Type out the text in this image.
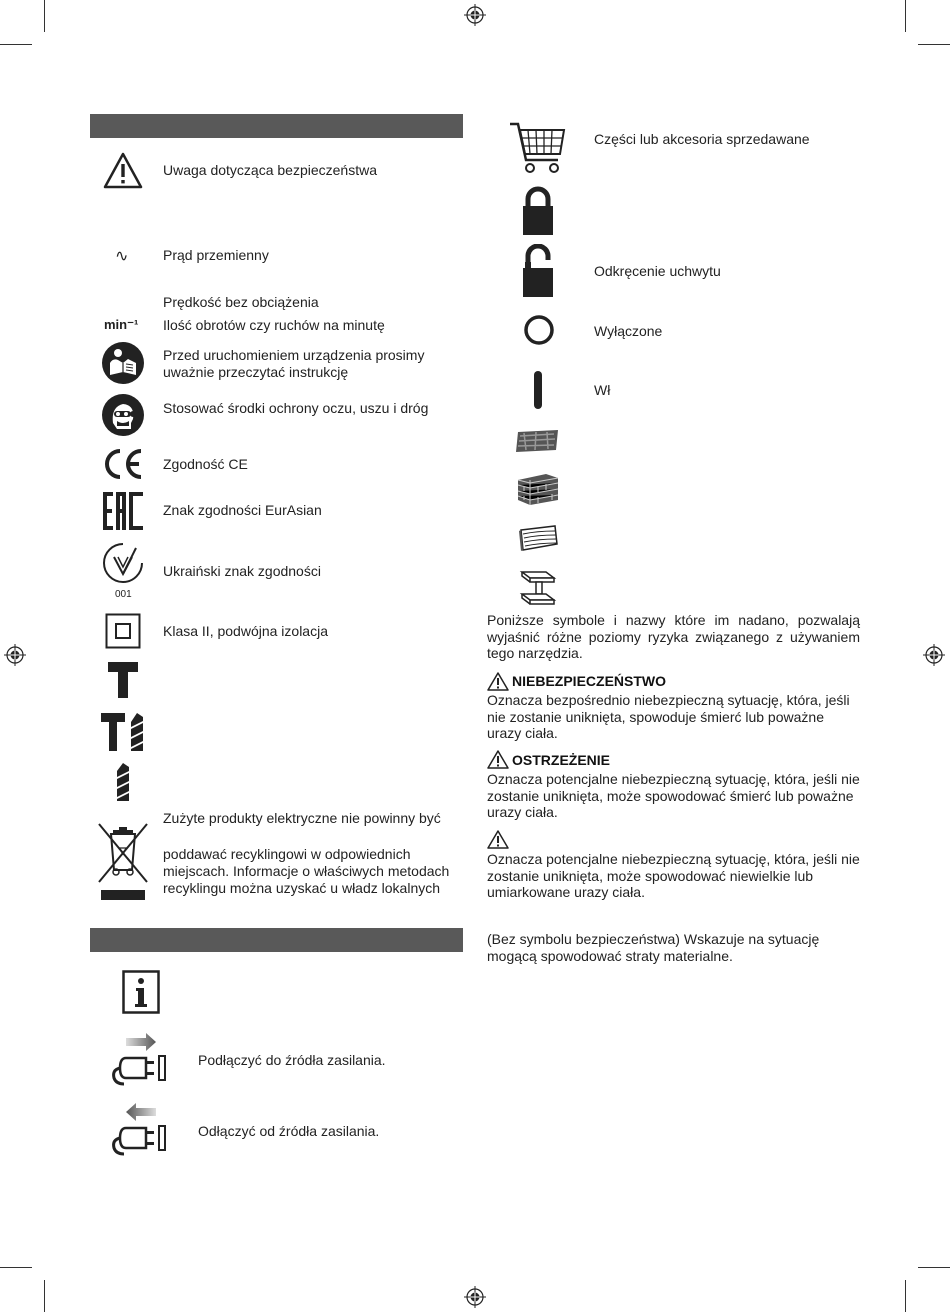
Uwaga dotycząca bezpieczeństwa
∿ Prąd przemienny
Prędkość bez obciążenia
min⁻¹ Ilość obrotów czy ruchów na minutę
Przed uruchomieniem urządzenia prosimy
uważnie przeczytać instrukcję
Stosować środki ochrony oczu, uszu i dróg
Zgodność CE
Znak zgodności EurAsian
001
Ukraiński znak zgodności
Klasa II, podwójna izolacja
Zużyte produkty elektryczne nie powinny być
poddawać recyklingowi w odpowiednich
miejscach. Informacje o właściwych metodach
recyklingu można uzyskać u władz lokalnych
Podłączyć do źródła zasilania.
Odłączyć od źródła zasilania.
Części lub akcesoria sprzedawane
Odkręcenie uchwytu
Wyłączone
Wł
Poniższe symbole i nazwy które im nadano, pozwalają wyjaśnić różne poziomy ryzyka związanego z używaniem tego narzędzia.
NIEBEZPIECZEŃSTWO
Oznacza bezpośrednio niebezpieczną sytuację, która, jeśli nie zostanie uniknięta, spowoduje śmierć lub poważne urazy ciała.
OSTRZEŻENIE
Oznacza potencjalne niebezpieczną sytuację, która, jeśli nie zostanie uniknięta, może spowodować śmierć lub poważne urazy ciała.
Oznacza potencjalne niebezpieczną sytuację, która, jeśli nie zostanie uniknięta, może spowodować niewielkie lub umiarkowane urazy ciała.
(Bez symbolu bezpieczeństwa) Wskazuje na sytuację mogącą spowodować straty materialne.
